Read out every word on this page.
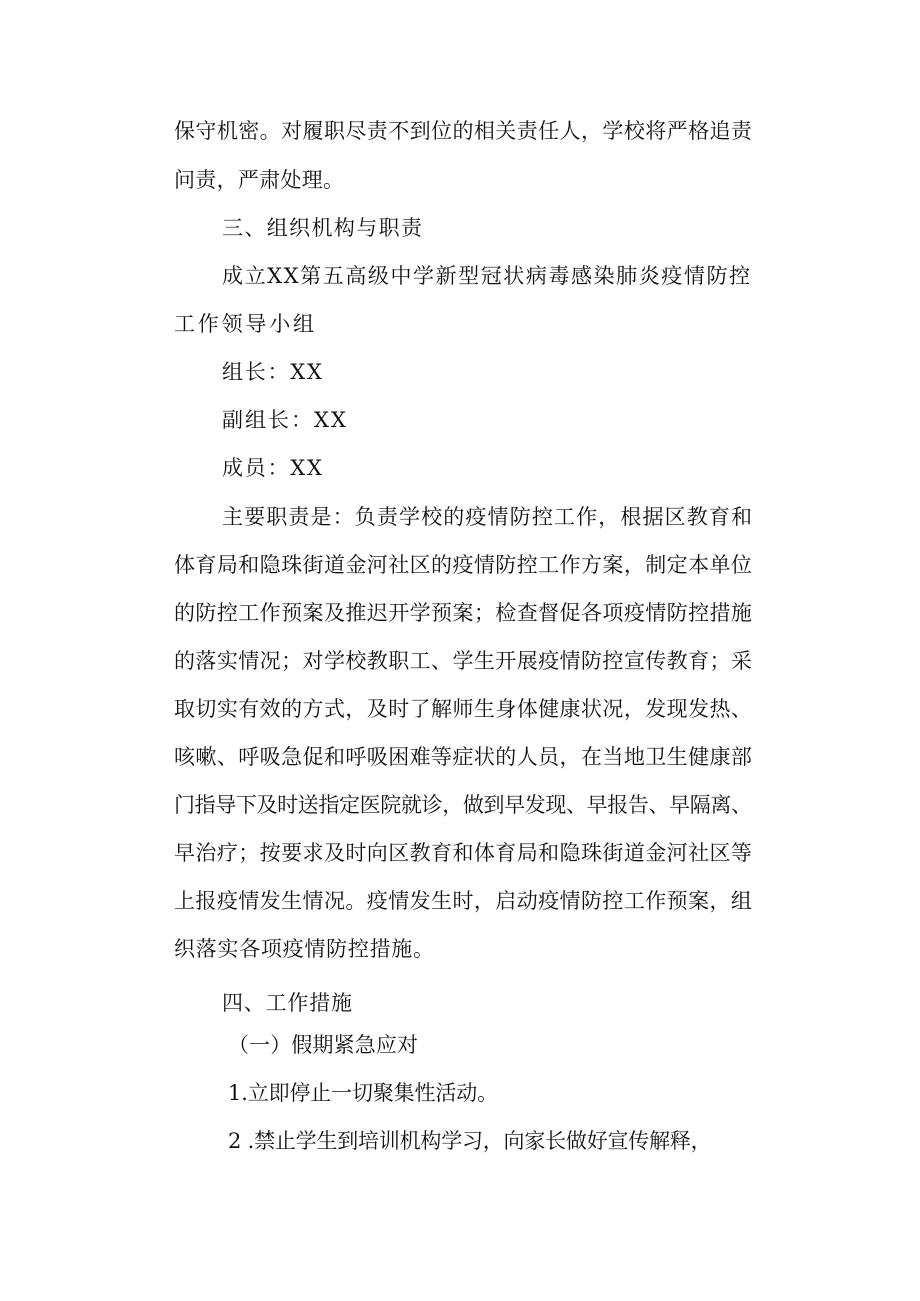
保守机密。对履职尽责不到位的相关责任人，学校将严格追责
问责，严肃处理。
三、组织机构与职责
成立XX第五高级中学新型冠状病毒感染肺炎疫情防控
工作领导小组
组长：XX
副组长：XX
成员：XX
主要职责是：负责学校的疫情防控工作，根据区教育和
体育局和隐珠街道金河社区的疫情防控工作方案，制定本单位
的防控工作预案及推迟开学预案；检查督促各项疫情防控措施
的落实情况；对学校教职工、学生开展疫情防控宣传教育；采
取切实有效的方式，及时了解师生身体健康状况，发现发热、
咳嗽、呼吸急促和呼吸困难等症状的人员，在当地卫生健康部
门指导下及时送指定医院就诊，做到早发现、早报告、早隔离、
早治疗；按要求及时向区教育和体育局和隐珠街道金河社区等
上报疫情发生情况。疫情发生时，启动疫情防控工作预案，组
织落实各项疫情防控措施。
四、工作措施
（一）假期紧急应对
1.立即停止一切聚集性活动。
2 .禁止学生到培训机构学习，向家长做好宣传解释，
